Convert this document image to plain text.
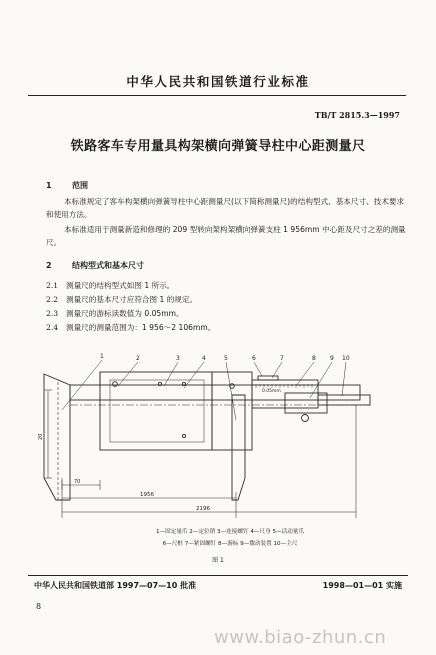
中华人民共和国铁道行业标准
TB/T 2815.3—1997
铁路客车专用量具构架横向弹簧导柱中心距测量尺
1	范围
本标准规定了客车构架横向弹簧导柱中心距测量尺(以下简称测量尺)的结构型式、基本尺寸、技术要求和使用方法。
本标准适用于测量新造和修理的 209 型转向架构架横向弹簧支柱 1 956mm 中心距及尺寸之差的测量尺。
2	结构型式和基本尺寸
2.1 测量尺的结构型式如图 1 所示。
2.2 测量尺的基本尺寸应符合图 1 的规定。
2.3 测量尺的游标读数值为 0.05mm。
2.4 测量尺的测量范围为：1 956～2 106mm。
1	2	3	4	5	6	7	8 9 10
0.05mm
70
1956
2196
20
1—固定量爪 2—定位销 3—连接螺钉 4—尺身 5—活动量爪
6—尺框 7—紧固螺钉 8—游标 9—微动装置 10—主尺
图 1
中华人民共和国铁道部 1997—07—10 批准	1998—01—01 实施
8
www.biao-zhun.cn
